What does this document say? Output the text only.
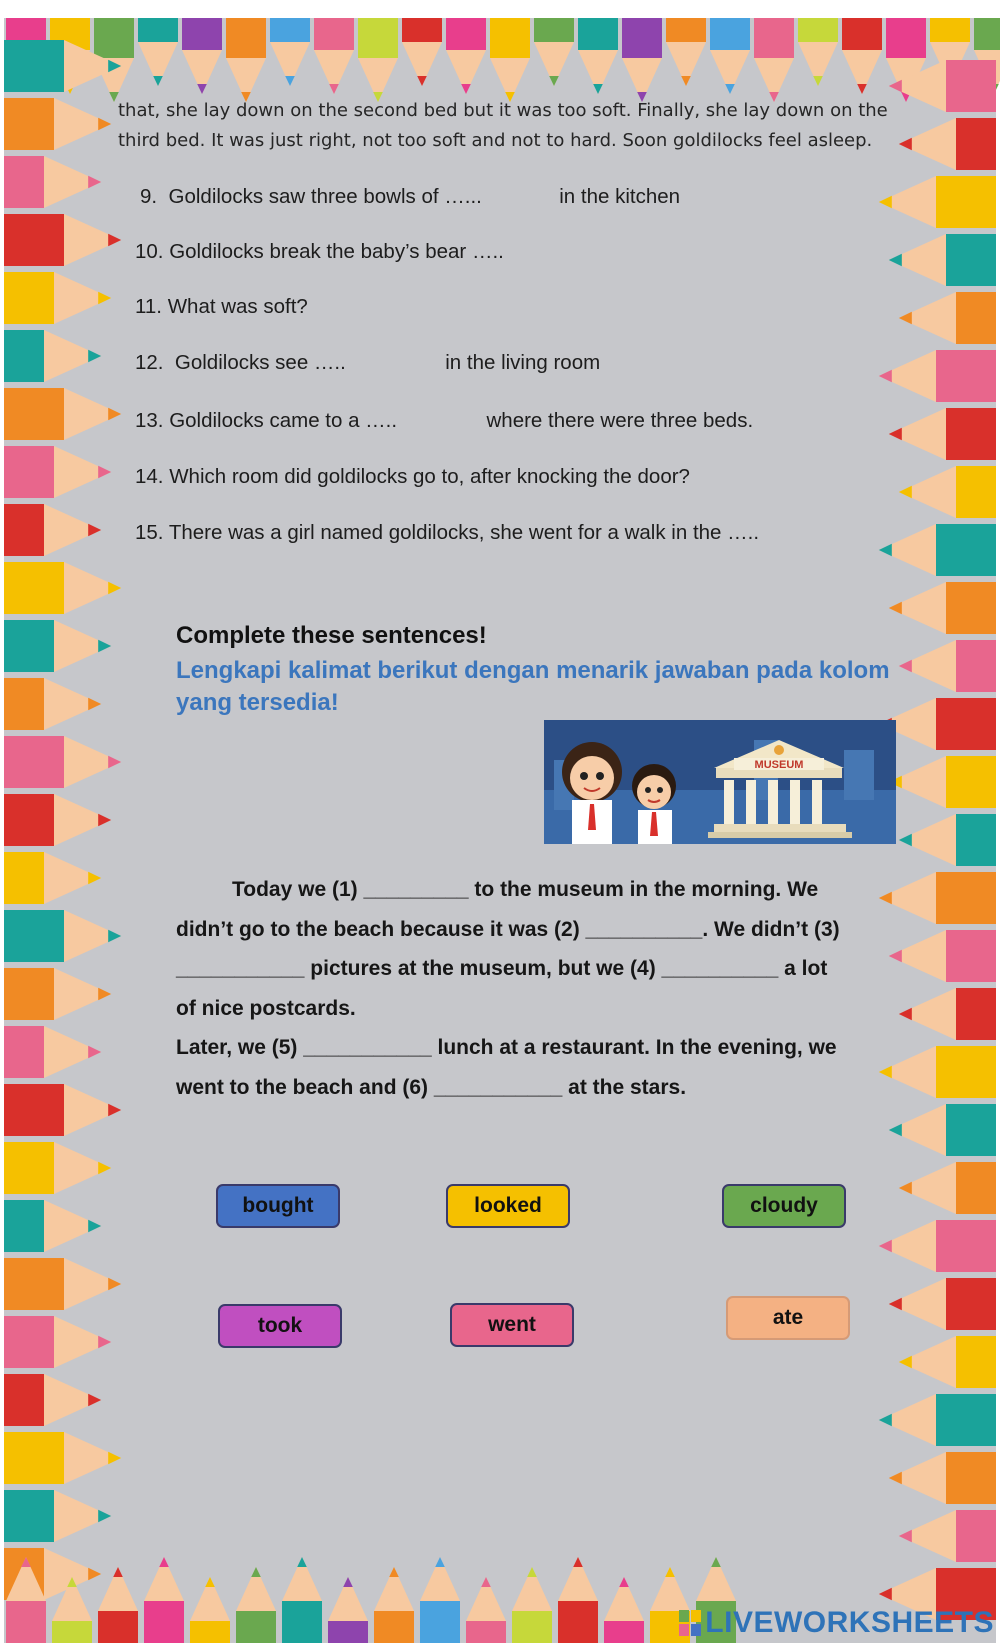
that, she lay down on the second bed but it was too soft. Finally, she lay down on the
third bed. It was just right, not too soft and not to hard. Soon goldilocks feel asleep.
9. Goldilocks saw three bowls of …...	in the kitchen
10. Goldilocks break the baby’s bear …..
11. What was soft?
12. Goldilocks see …..	in the living room
13. Goldilocks came to a …..	where there were three beds.
14. Which room did goldilocks go to, after knocking the door?
15. There was a girl named goldilocks, she went for a walk in the …..
Complete these sentences!
Lengkapi kalimat berikut dengan menarik jawaban pada kolom yang tersedia!
MUSEUM
Today we (1) _________ to the museum in the morning. We
didn’t go to the beach because it was (2) __________. We didn’t (3)
___________ pictures at the museum, but we (4) __________ a lot
of nice postcards.
Later, we (5) ___________ lunch at a restaurant. In the evening, we
went to the beach and (6) ___________ at the stars.
bought	looked	cloudy
took	went	ate
LIVEWORKSHEETS
